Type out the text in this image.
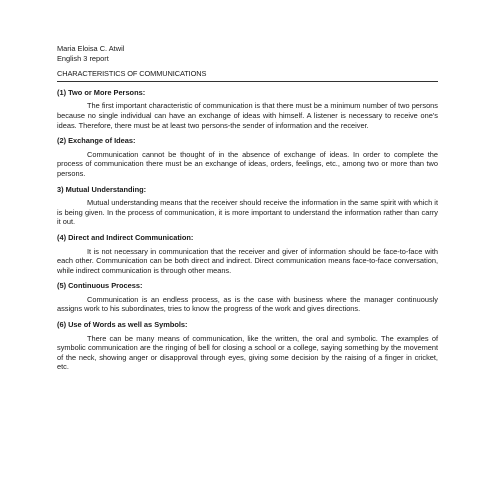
Maria Eloisa C. Atwil

English 3 report

CHARACTERISTICS OF COMMUNICATIONS

(1) Two or More Persons:

The first important characteristic of communication is that there must be a minimum number of two persons because no single individual can have an exchange of ideas with himself. A listener is necessary to receive one's ideas. Therefore, there must be at least two persons-the sender of information and the receiver.

(2) Exchange of Ideas:

Communication cannot be thought of in the absence of exchange of ideas. In order to complete the process of communication there must be an exchange of ideas, orders, feelings, etc., among two or more than two persons.

3) Mutual Understanding:

Mutual understanding means that the receiver should receive the information in the same spirit with which it is being given. In the process of communication, it is more important to understand the information rather than carry it out.

(4) Direct and Indirect Communication:

It is not necessary in communication that the receiver and giver of information should be face-to-face with each other. Communication can be both direct and indirect. Direct communication means face-to-face conversation, while indirect communication is through other means.

(5) Continuous Process:

Communication is an endless process, as is the case with business where the manager continuously assigns work to his subordinates, tries to know the progress of the work and gives directions.

(6) Use of Words as well as Symbols:

There can be many means of communication, like the written, the oral and symbolic. The examples of symbolic communication are the ringing of bell for closing a school or a college, saying something by the movement of the neck, showing anger or disapproval through eyes, giving some decision by the raising of a finger in cricket, etc.
